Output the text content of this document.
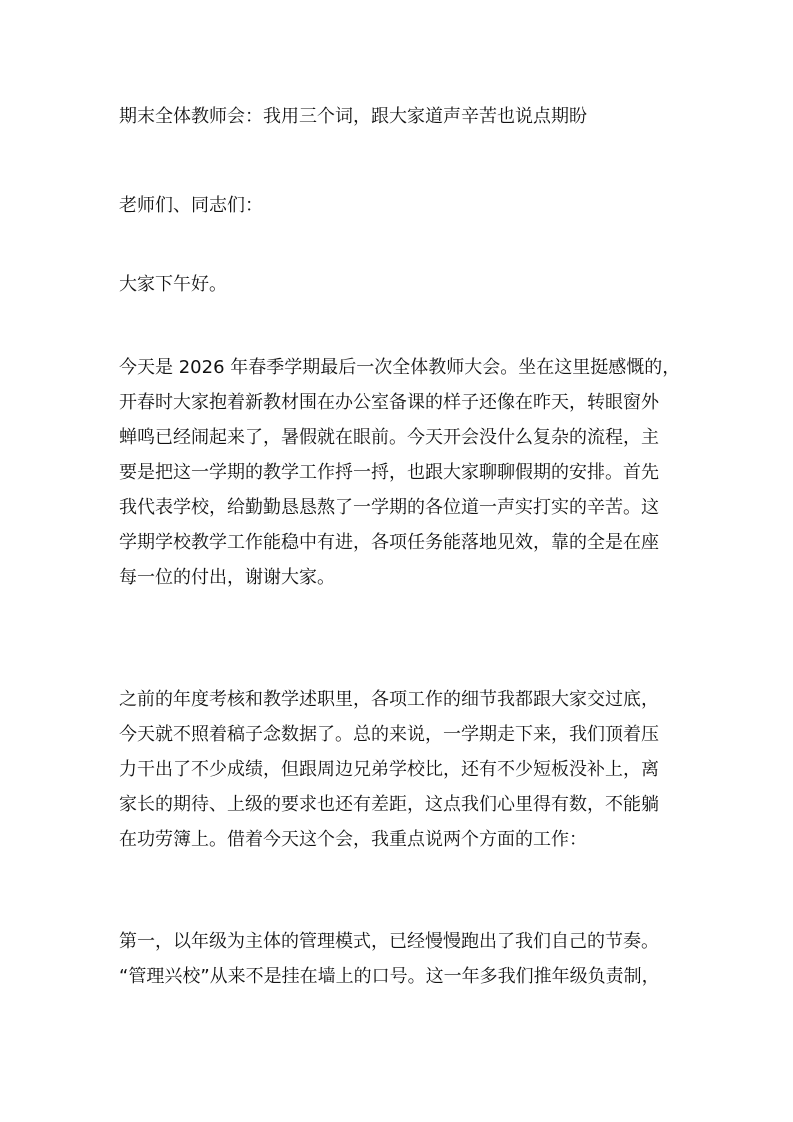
期末全体教师会：我用三个词，跟大家道声辛苦也说点期盼
老师们、同志们：
大家下午好。
今天是 2026 年春季学期最后一次全体教师大会。坐在这里挺感慨的，
开春时大家抱着新教材围在办公室备课的样子还像在昨天，转眼窗外
蝉鸣已经闹起来了，暑假就在眼前。今天开会没什么复杂的流程，主
要是把这一学期的教学工作捋一捋，也跟大家聊聊假期的安排。首先
我代表学校，给勤勤恳恳熬了一学期的各位道一声实打实的辛苦。这
学期学校教学工作能稳中有进，各项任务能落地见效，靠的全是在座
每一位的付出，谢谢大家。
之前的年度考核和教学述职里，各项工作的细节我都跟大家交过底，
今天就不照着稿子念数据了。总的来说，一学期走下来，我们顶着压
力干出了不少成绩，但跟周边兄弟学校比，还有不少短板没补上，离
家长的期待、上级的要求也还有差距，这点我们心里得有数，不能躺
在功劳簿上。借着今天这个会，我重点说两个方面的工作：
第一，以年级为主体的管理模式，已经慢慢跑出了我们自己的节奏。
“管理兴校”从来不是挂在墙上的口号。这一年多我们推年级负责制，
